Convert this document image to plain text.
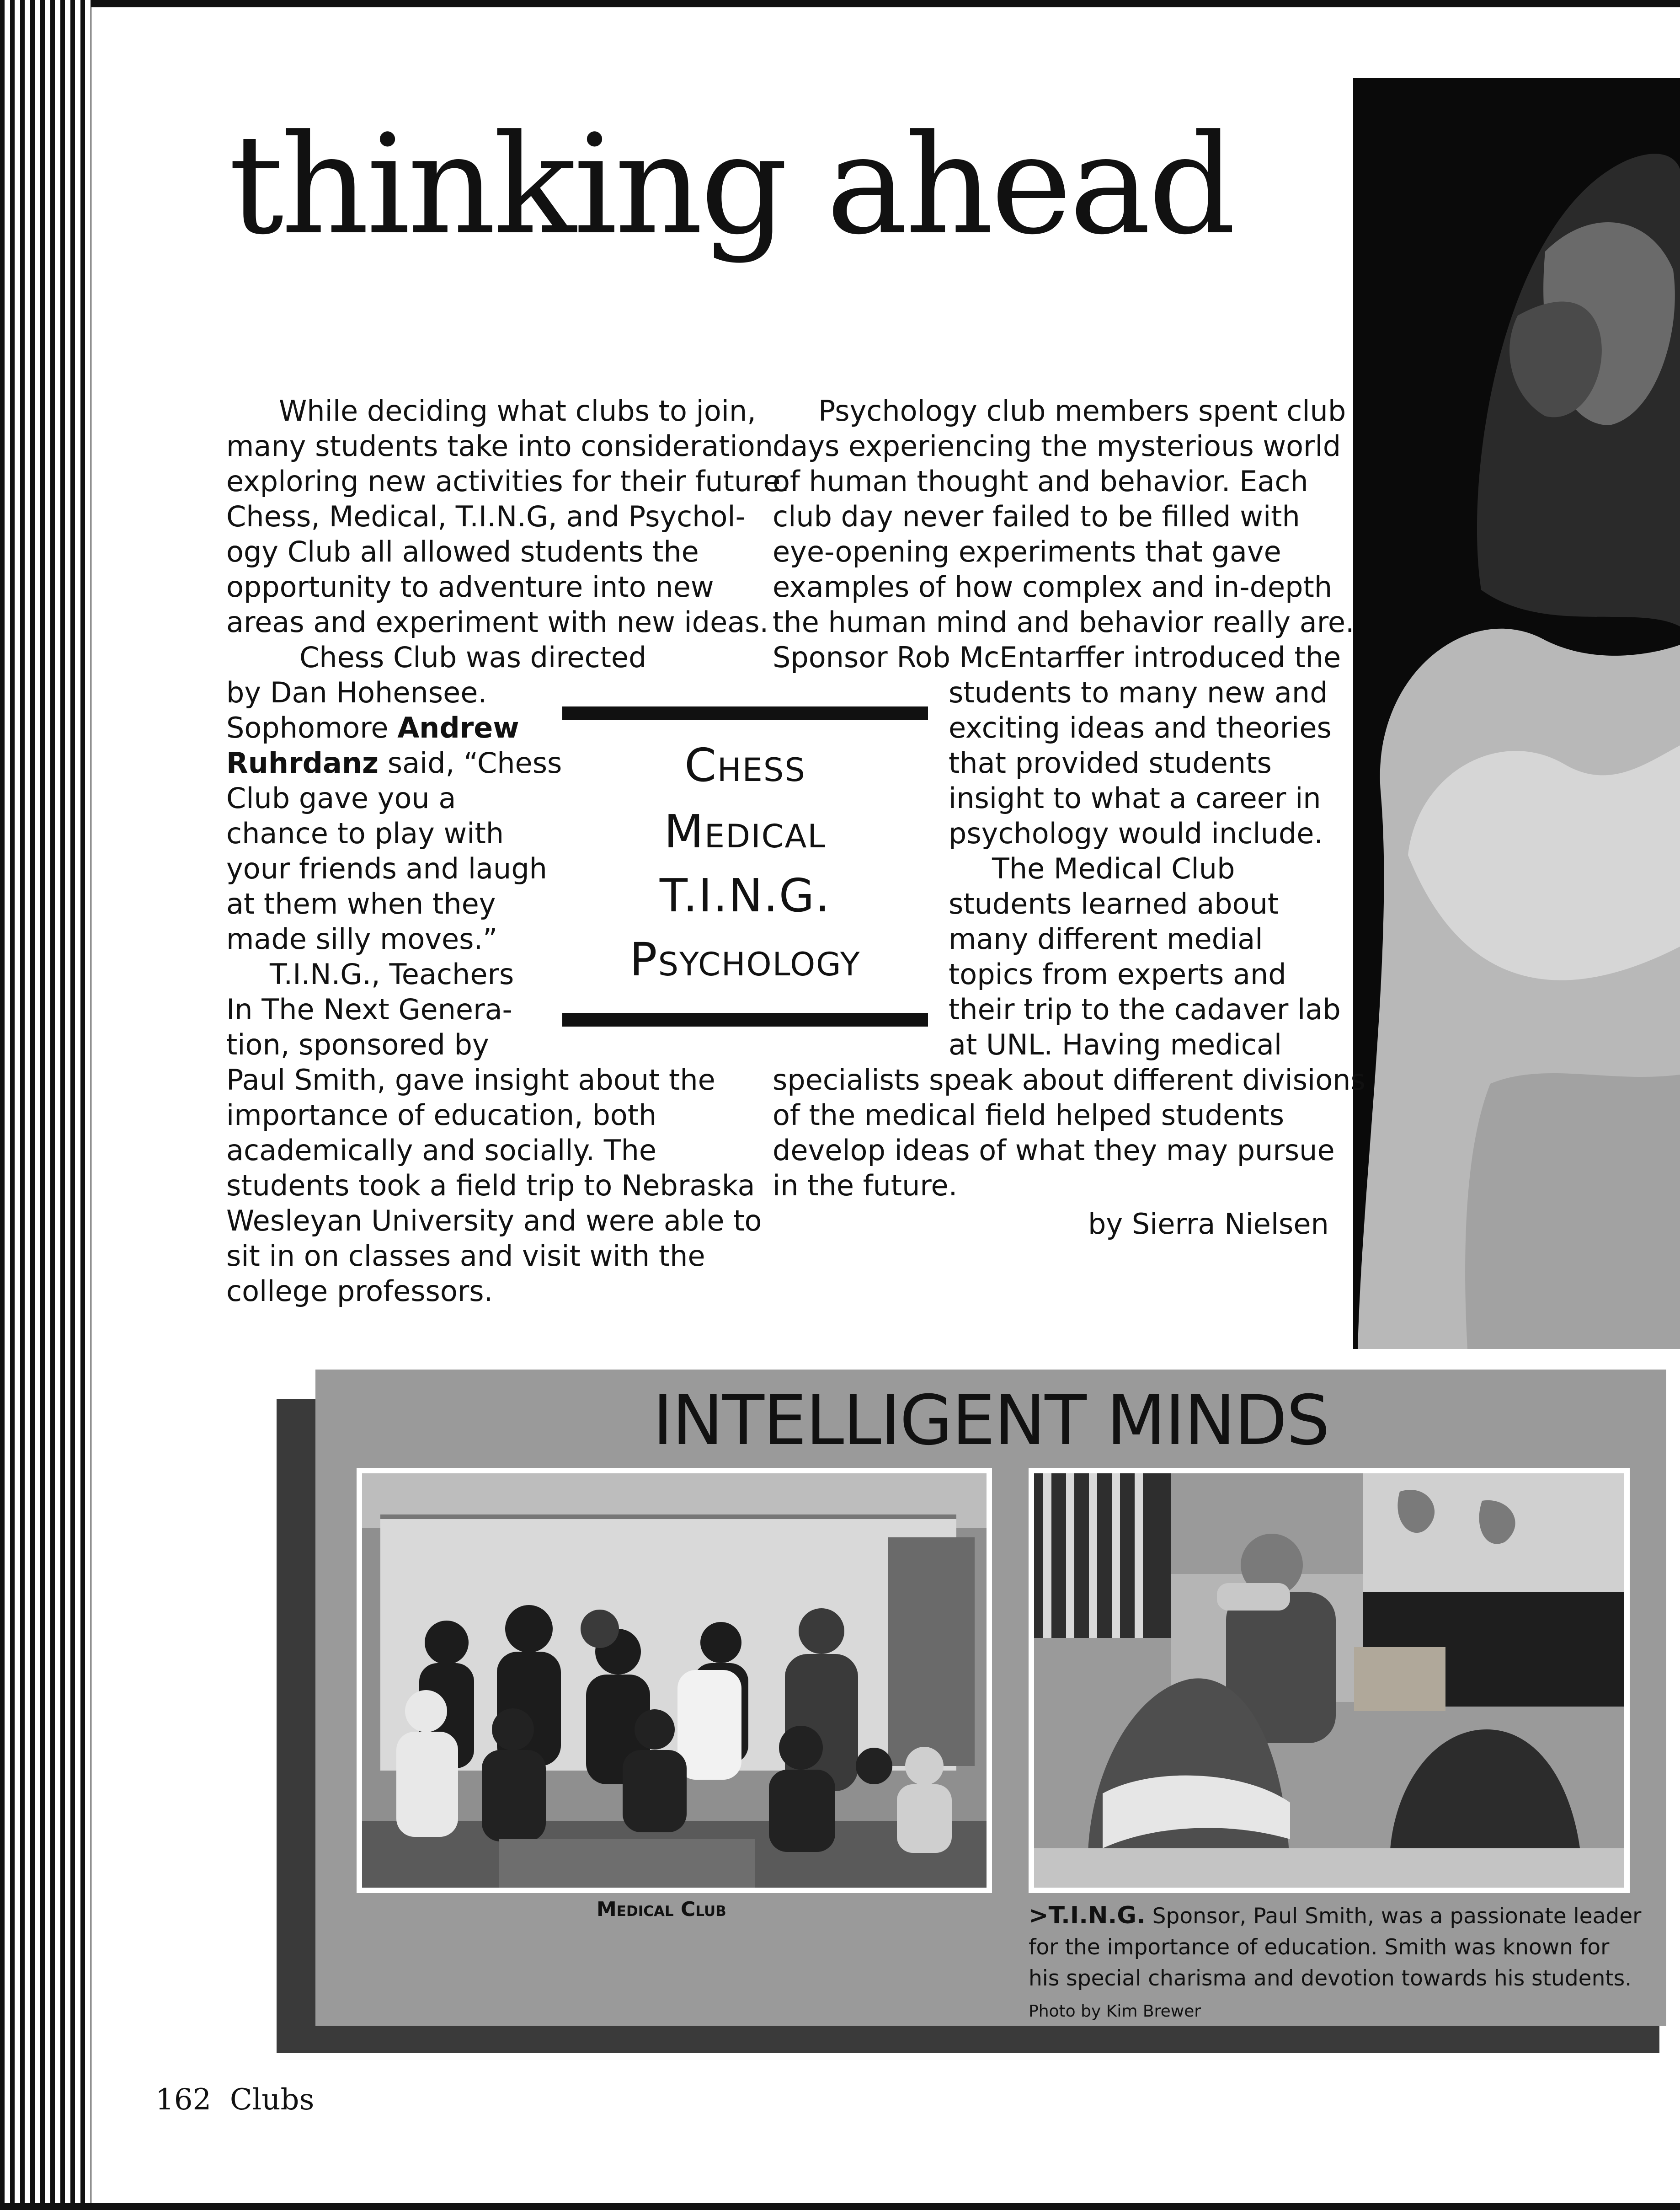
thinking ahead
While deciding what clubs to join,
many students take into consideration
exploring new activities for their future.
Chess, Medical, T.I.N.G, and Psychol-
ogy Club all allowed students the
opportunity to adventure into new
areas and experiment with new ideas.
Chess Club was directed
by Dan Hohensee.
Sophomore Andrew
Ruhrdanz said, “Chess
Club gave you a
chance to play with
your friends and laugh
at them when they
made silly moves.”
T.I.N.G., Teachers
In The Next Genera-
tion, sponsored by
Paul Smith, gave insight about the
importance of education, both
academically and socially. The
students took a field trip to Nebraska
Wesleyan University and were able to
sit in on classes and visit with the
college professors.
Psychology club members spent club
days experiencing the mysterious world
of human thought and behavior. Each
club day never failed to be filled with
eye-opening experiments that gave
examples of how complex and in-depth
the human mind and behavior really are.
Sponsor Rob McEntarffer introduced the
students to many new and
exciting ideas and theories
that provided students
insight to what a career in
psychology would include.
The Medical Club
students learned about
many different medial
topics from experts and
their trip to the cadaver lab
at UNL. Having medical
specialists speak about different divisions
of the medical field helped students
develop ideas of what they may pursue
in the future.

Chess

Medical

T.I.N.G.

Psychology

by Sierra Nielsen

INTELLIGENT MINDS

Medical Club	>T.I.N.G. Sponsor, Paul Smith, was a passionate leader
for the importance of education. Smith was known for
his special charisma and devotion towards his students.
Photo by Kim Brewer

162 Clubs
